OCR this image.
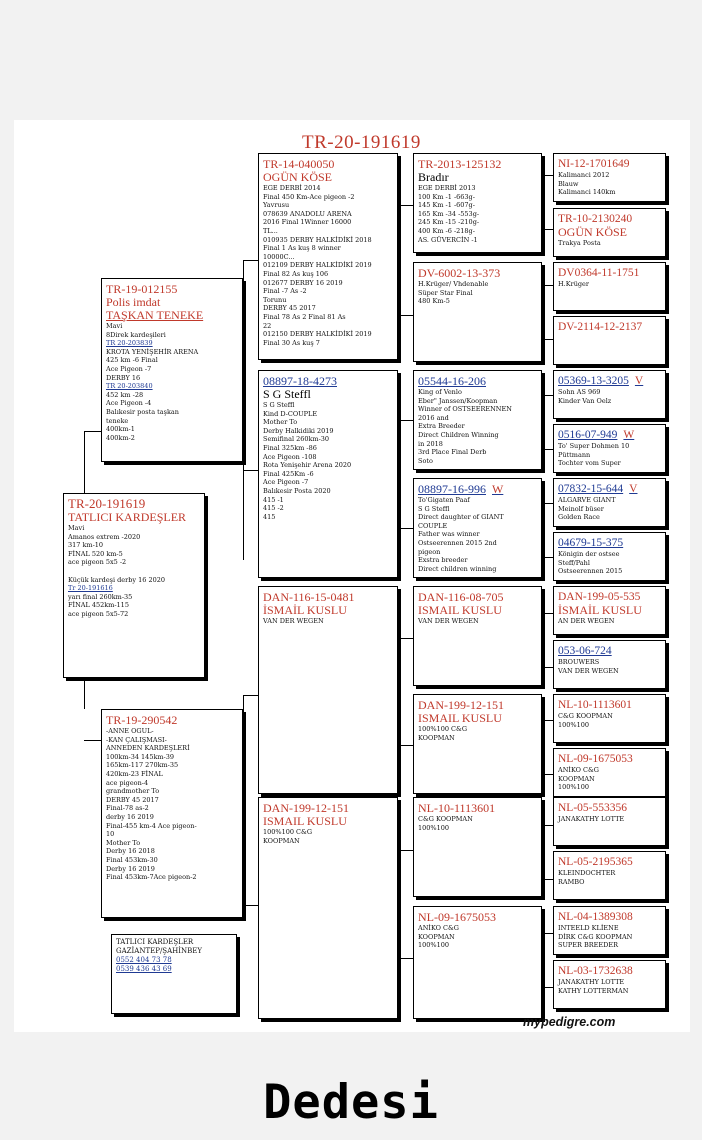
TR-20-191619
TR-20-191619
TATLICI KARDEŞLER
Mavi
Amanos extrem -2020
317 km-10
FİNAL 520 km-5
ace pigeon 5x5 -2

Küçük kardeşi derby 16 2020
Tr 20-191616
yarı final 260km-35
FİNAL 452km-115
ace pigeon 5x5-72
TR-19-012155
Polis imdat
TAŞKAN TENEKE
Mavi
8Direk kardeşileri
TR 20-203839
KROTA YENİŞEHİR ARENA
425 km -6 Final
Ace Pigeon -7
DERBY 16
TR 20-203840
452 km -28
Ace Pigeon -4
Balıkesir posta taşkan
teneke
400km-1
400km-2
TR-19-290542
-ANNE OGUL-
-KAN ÇALIŞMASI-
ANNEDEN KARDEŞLERİ
100km-34 145km-39
165km-117 270km-35
420km-23 FİNAL
ace pigeon-4
grandmother To
DERBY 45 2017
Final-78 as-2
derby 16 2019
Final-455 km-4 Ace pigeon-
10
Mother To
Derby 16 2018
Final 453km-30
Derby 16 2019
Final 453km-7Ace pigeon-2
TR-14-040050
OGÜN KÖSE
EGE DERBİ 2014
Final 450 Km-Ace pigeon -2
Yavrusu
078639 ANADOLU ARENA
2016 Final 1Winner 16000
TL...
010935 DERBY HALKİDİKİ 2018
Final 1 As kuş 8 winner
10000C...
012109 DERBY HALKİDİKİ 2019
Final 82 As kuş 106
012677 DERBY 16 2019
Final -7 As -2
Torunu
DERBY 45 2017
Final 78 As 2 Final 81 As
22
012150 DERBY HALKİDİKİ 2019
Final 30 As kuş 7
08897-18-4273
S G Steffl
S G Steffl
Kind D-COUPLE
Mother To
Derby Halkidiki 2019
Semifinal 260km-30
Final 325km -86
Ace Pigeon -108
Rota Yenişehir Arena 2020
Final 425Km -6
Ace Pigeon -7
Balıkesir Posta 2020
415 -1
415 -2
415
DAN-116-15-0481
İSMAİL KUSLU
VAN DER WEGEN
DAN-199-12-151
ISMAIL KUSLU
100%100 C&G
KOOPMAN
TR-2013-125132
Bradır
EGE DERBİ 2013
100 Km -1 -663g-
145 Km -1 -607g-
165 Km -34 -553g-
245 Km -15 -210g-
400 Km -6 -218g-
AS. GÜVERCİN -1
DV-6002-13-373
H.Krüger/ Vhdenable
Süper Star Final
480 Km-5
05544-16-206
King of Venlo
Eber" Janssen/Koopman
Winner of OSTSEERENNEN
2016 and
Extra Breeder
Direct Children Winning
in 2018
3rd Place Final Derb
Soto
08897-16-996 W
To'Gigaten Paaf
S G Steffl
Direct daughter of GIANT
COUPLE
Father was winner
Ostseerennen 2015 2nd
pigeon
Exstra breeder
Direct children winning
DAN-116-08-705
ISMAIL KUSLU
VAN DER WEGEN
DAN-199-12-151
ISMAIL KUSLU
100%100 C&G
KOOPMAN
NL-10-1113601
C&G KOOPMAN
100%100
NL-09-1675053
ANİKO C&G
KOOPMAN
100%100
NI-12-1701649
Kalimanci 2012
Blauw
Kalimanci 140km
TR-10-2130240
OGÜN KÖSE
Trakya Posta
DV0364-11-1751
H.Krüger
DV-2114-12-2137
05369-13-3205 V
Sohn AS 969
Kinder Van Oelz
0516-07-949 W
To' Super Dohmen 10
Püttmann
Tochter vom Super
07832-15-644 V
ALGARVE GIANT
Meinolf büser
Golden Race
04679-15-375
Königin der ostsee
Steff/Pahl
Ostseerennen 2015
DAN-199-05-535
İSMAİL KUSLU
AN DER WEGEN
053-06-724
BROUWERS
VAN DER WEGEN
NL-10-1113601
C&G KOOPMAN
100%100
NL-09-1675053
ANİKO C&G
KOOPMAN
100%100
NL-05-553356
JANAKATHY LOTTE
NL-05-2195365
KLEINDOCHTER
RAMBO
NL-04-1389308
INTEELD KLİENE
DİRK C&G KOOPMAN
SUPER BREEDER
NL-03-1732638
JANAKATHY LOTTE
KATHY LOTTERMAN
TATLICI KARDEŞLER
GAZİANTEP/ŞAHİNBEY
0552 404 73 78
0539 436 43 69
mypedigre.com
Dedesi
